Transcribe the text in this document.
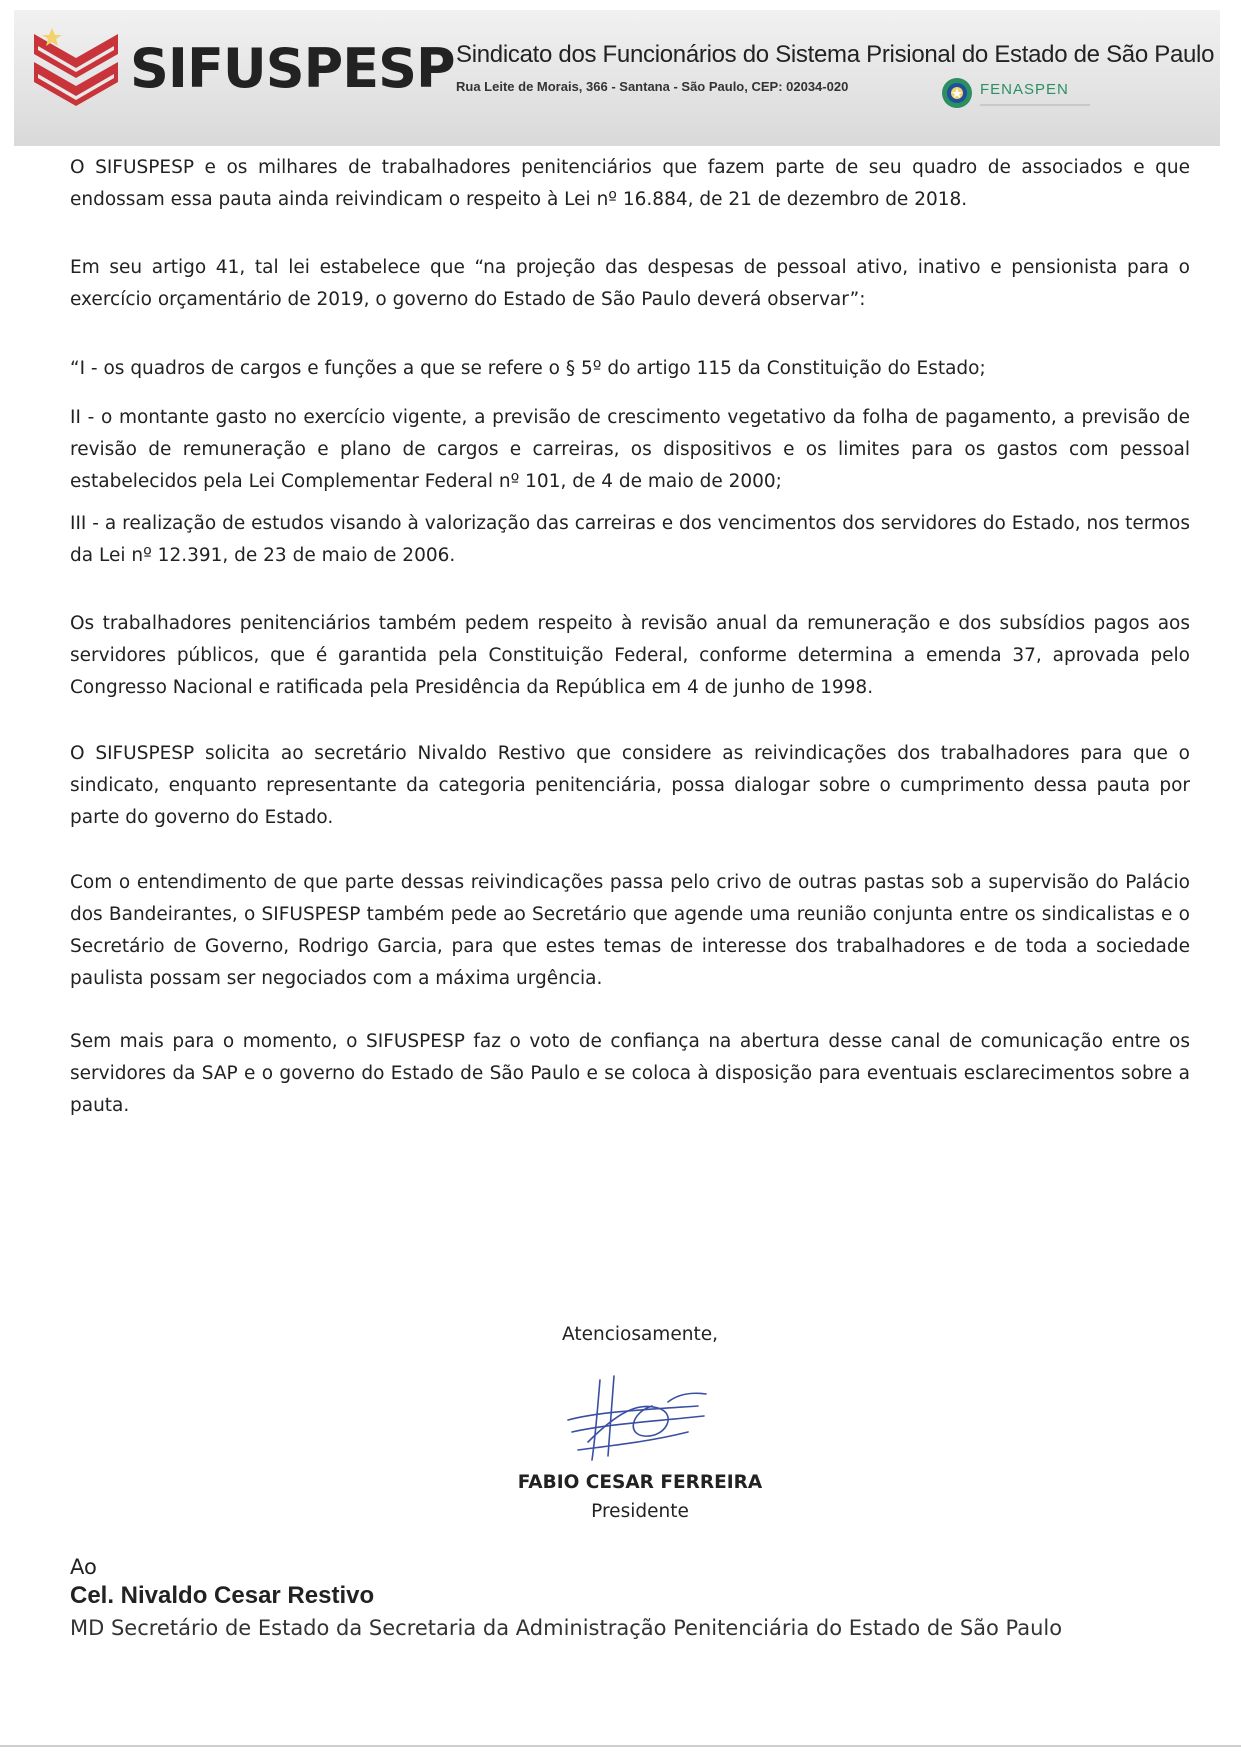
SIFUSPESP Sindicato dos Funcionários do Sistema Prisional do Estado de São Paulo
Rua Leite de Morais, 366 - Santana - São Paulo, CEP: 02034-020	FENASPEN

O SIFUSPESP e os milhares de trabalhadores penitenciários que fazem parte de seu quadro de associados e que endossam essa pauta ainda reivindicam o respeito à Lei nº 16.884, de 21 de dezembro de 2018.

Em seu artigo 41, tal lei estabelece que “na projeção das despesas de pessoal ativo, inativo e pensionista para o exercício orçamentário de 2019, o governo do Estado de São Paulo deverá observar”:

“I - os quadros de cargos e funções a que se refere o § 5º do artigo 115 da Constituição do Estado;

II - o montante gasto no exercício vigente, a previsão de crescimento vegetativo da folha de pagamento, a previsão de revisão de remuneração e plano de cargos e carreiras, os dispositivos e os limites para os gastos com pessoal estabelecidos pela Lei Complementar Federal nº 101, de 4 de maio de 2000;

III - a realização de estudos visando à valorização das carreiras e dos vencimentos dos servidores do Estado, nos termos da Lei nº 12.391, de 23 de maio de 2006.

Os trabalhadores penitenciários também pedem respeito à revisão anual da remuneração e dos subsídios pagos aos servidores públicos, que é garantida pela Constituição Federal, conforme determina a emenda 37, aprovada pelo Congresso Nacional e ratificada pela Presidência da República em 4 de junho de 1998.

O SIFUSPESP solicita ao secretário Nivaldo Restivo que considere as reivindicações dos trabalhadores para que o sindicato, enquanto representante da categoria penitenciária, possa dialogar sobre o cumprimento dessa pauta por parte do governo do Estado.

Com o entendimento de que parte dessas reivindicações passa pelo crivo de outras pastas sob a supervisão do Palácio dos Bandeirantes, o SIFUSPESP também pede ao Secretário que agende uma reunião conjunta entre os sindicalistas e o Secretário de Governo, Rodrigo Garcia, para que estes temas de interesse dos trabalhadores e de toda a sociedade paulista possam ser negociados com a máxima urgência.

Sem mais para o momento, o SIFUSPESP faz o voto de confiança na abertura desse canal de comunicação entre os servidores da SAP e o governo do Estado de São Paulo e se coloca à disposição para eventuais esclarecimentos sobre a pauta.

Atenciosamente,
FABIO CESAR FERREIRA
Presidente
Ao
Cel. Nivaldo Cesar Restivo
MD Secretário de Estado da Secretaria da Administração Penitenciária do Estado de São Paulo
